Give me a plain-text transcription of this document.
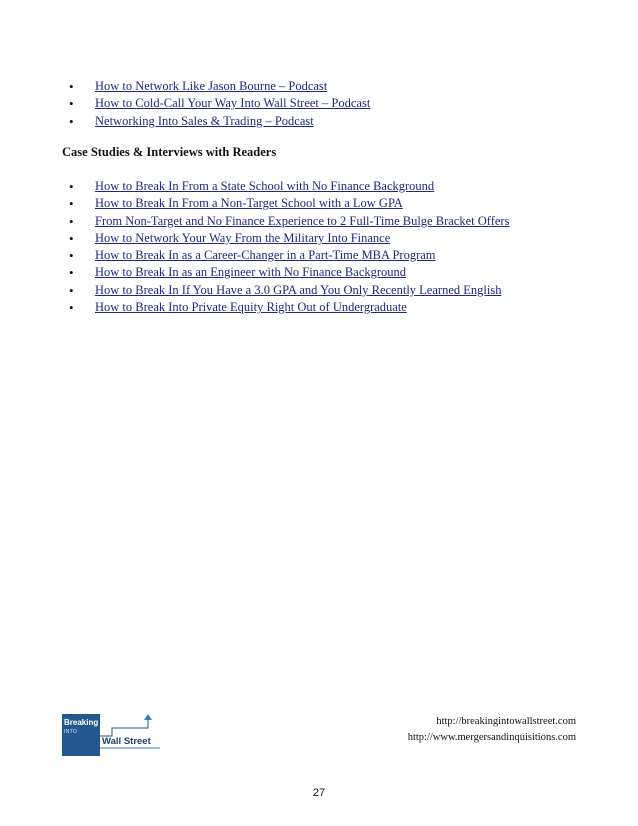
• How to Network Like Jason Bourne – Podcast
• How to Cold-Call Your Way Into Wall Street – Podcast
• Networking Into Sales & Trading – Podcast
Case Studies & Interviews with Readers
• How to Break In From a State School with No Finance Background
• How to Break In From a Non-Target School with a Low GPA
• From Non-Target and No Finance Experience to 2 Full-Time Bulge Bracket Offers
• How to Network Your Way From the Military Into Finance
• How to Break In as a Career-Changer in a Part-Time MBA Program
• How to Break In as an Engineer with No Finance Background
• How to Break In If You Have a 3.0 GPA and You Only Recently Learned English
• How to Break Into Private Equity Right Out of Undergraduate
Breaking
INTO
Wall Street
http://breakingintowallstreet.com
http://www.mergersandinquisitions.com
27
